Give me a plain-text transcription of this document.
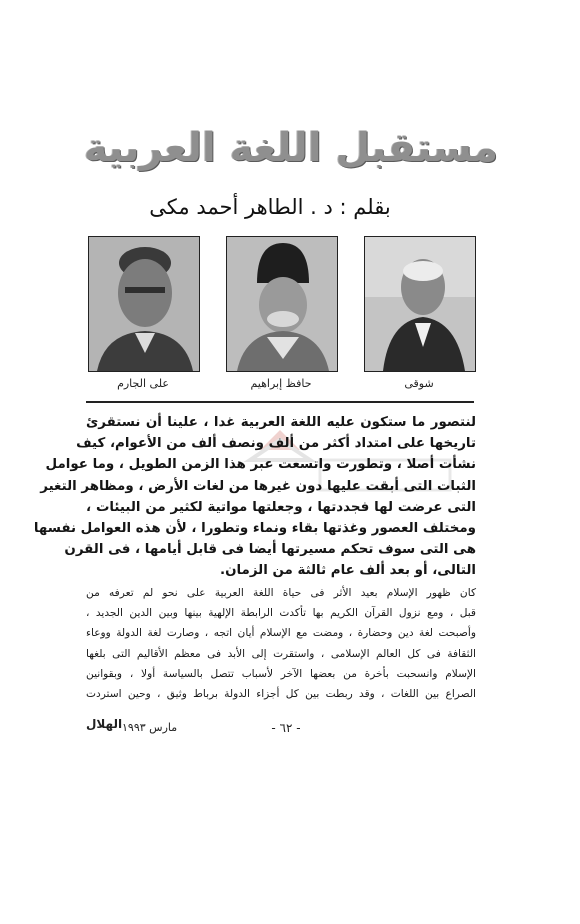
مستقبل اللغة العربية
بقلم : د . الطاهر أحمد مكى
شوقى
حافظ إبراهيم
على الجارم
لنتصور ما ستكون عليه اللغة العربية غدا ، علينا أن نستقرئ
تاريخها على امتداد أكثر من ألف ونصف ألف من الأعوام، كيف
نشأت أصلا ، وتطورت واتسعت عبر هذا الزمن الطويل ، وما عوامل
الثبات التى أبقت عليها دون غيرها من لغات الأرض ، ومظاهر التغير
التى عرضت لها فجددتها ، وجعلتها مواتية لكثير من البيئات ،
ومختلف العصور وغذتها بقاء ونماء وتطورا ، لأن هذه العوامل نفسها
هى التى سوف تحكم مسيرتها أيضا فى قابل أيامها ، فى القرن
التالى، أو بعد ألف عام ثالثة من الزمان.
كان ظهور الإسلام بعيد الأثر فى حياة اللغة العربية على نحو لم تعرفه من
قبل ، ومع نزول القرآن الكريم بها تأكدت الرابطة الإلهية بينها وبين الدين الجديد ،
وأصبحت لغة دين وحضارة ، ومضت مع الإسلام أيان اتجه ، وصارت لغة الدولة ووعاء
الثقافة فى كل العالم الإسلامى ، واستقرت إلى الأبد فى معظم الأقاليم التى بلغها
الإسلام وانسحبت بأخرة من بعضها الآخر لأسباب تتصل بالسياسة أولا ، وبقوانين
الصراع بين اللغات ، وقد ربطت بين كل أجزاء الدولة برباط وثيق ، وحين استردت
الهلال مارس ١٩٩٣	- ٦٢ -
